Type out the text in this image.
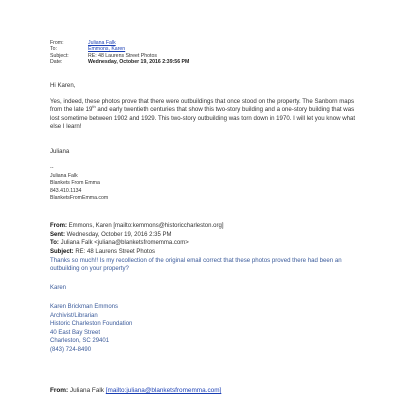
From:	Juliana Falk
To:	Emmons, Karen
Subject:	RE: 48 Laurens Street Photos
Date:	Wednesday, October 19, 2016 2:39:56 PM
Hi Karen,
Yes, indeed, these photos prove that there were outbuildings that once stood on the property. The Sanborn maps from the late 19th and early twentieth centuries that show this two-story building and a one-story building that was lost sometime between 1902 and 1929. This two-story outbuilding was torn down in 1970. I will let you know what else I learn!
Juliana
--
Juliana Falk
Blankets From Emma
843.410.1134
BlanketsFromEmma.com
From: Emmons, Karen [mailto:kemmons@historiccharleston.org]
Sent: Wednesday, October 19, 2016 2:35 PM
To: Juliana Falk <juliana@blanketsfromemma.com>
Subject: RE: 48 Laurens Street Photos
Thanks so much!! Is my recollection of the original email correct that these photos proved there had been an outbuilding on your property?
Karen
Karen Brickman Emmons
Archivist/Librarian
Historic Charleston Foundation
40 East Bay Street
Charleston, SC 29401
(843) 724-8490
From: Juliana Falk [mailto:juliana@blanketsfromemma.com]
